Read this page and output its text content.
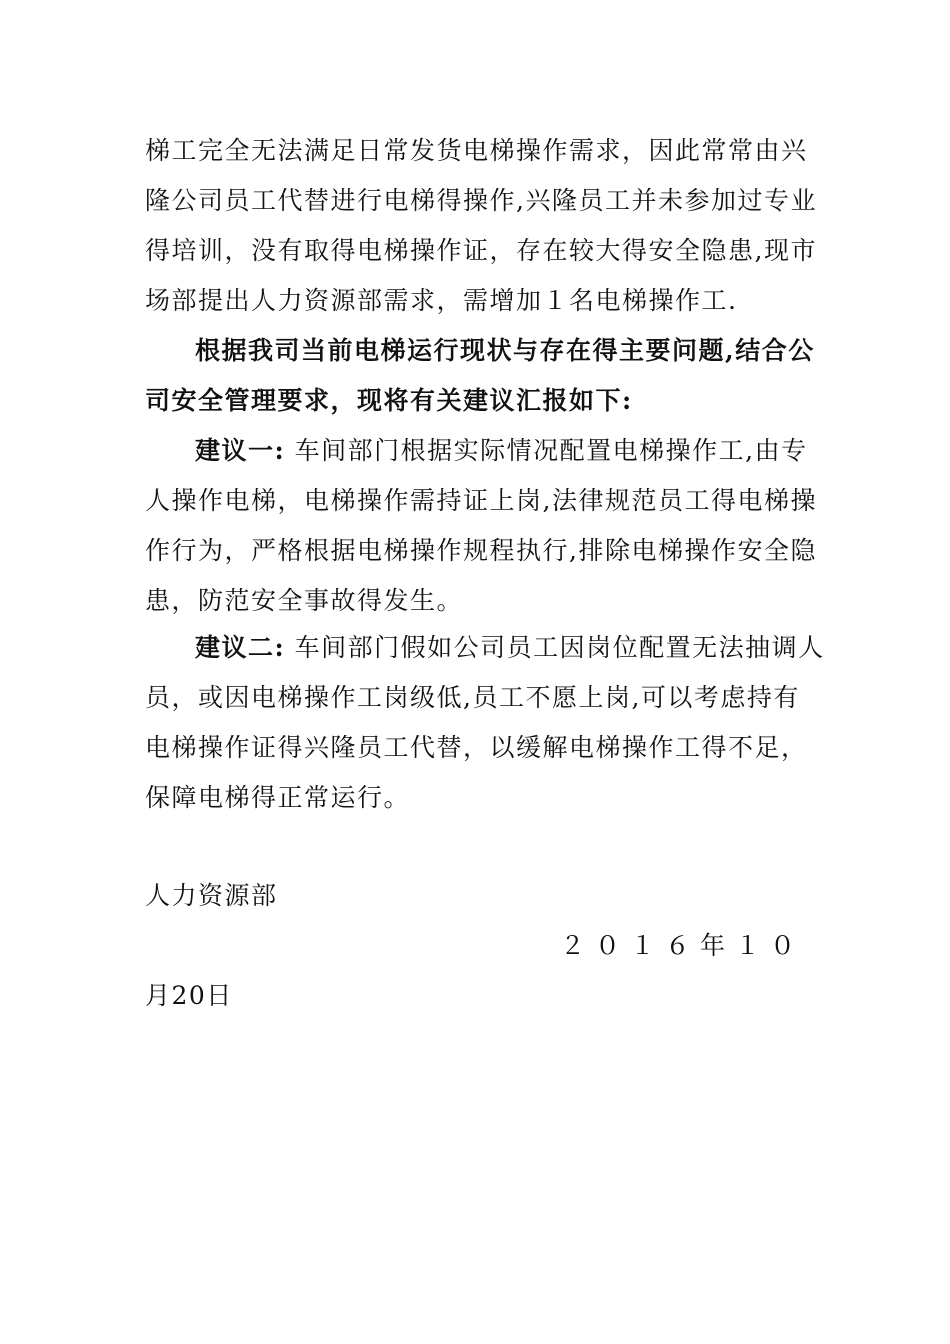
梯工完全无法满足日常发货电梯操作需求，因此常常由兴
隆公司员工代替进行电梯得操作,兴隆员工并未参加过专业
得培训，没有取得电梯操作证，存在较大得安全隐患,现市
场部提出人力资源部需求，需增加１名电梯操作工.
根据我司当前电梯运行现状与存在得主要问题,结合公
司安全管理要求，现将有关建议汇报如下:
建议一: 车间部门根据实际情况配置电梯操作工,由专
人操作电梯，电梯操作需持证上岗,法律规范员工得电梯操
作行为，严格根据电梯操作规程执行,排除电梯操作安全隐
患，防范安全事故得发生。
建议二: 车间部门假如公司员工因岗位配置无法抽调人
员，或因电梯操作工岗级低,员工不愿上岗,可以考虑持有
电梯操作证得兴隆员工代替，以缓解电梯操作工得不足，
保障电梯得正常运行。
人力资源部
２０１６年１０
月20日
